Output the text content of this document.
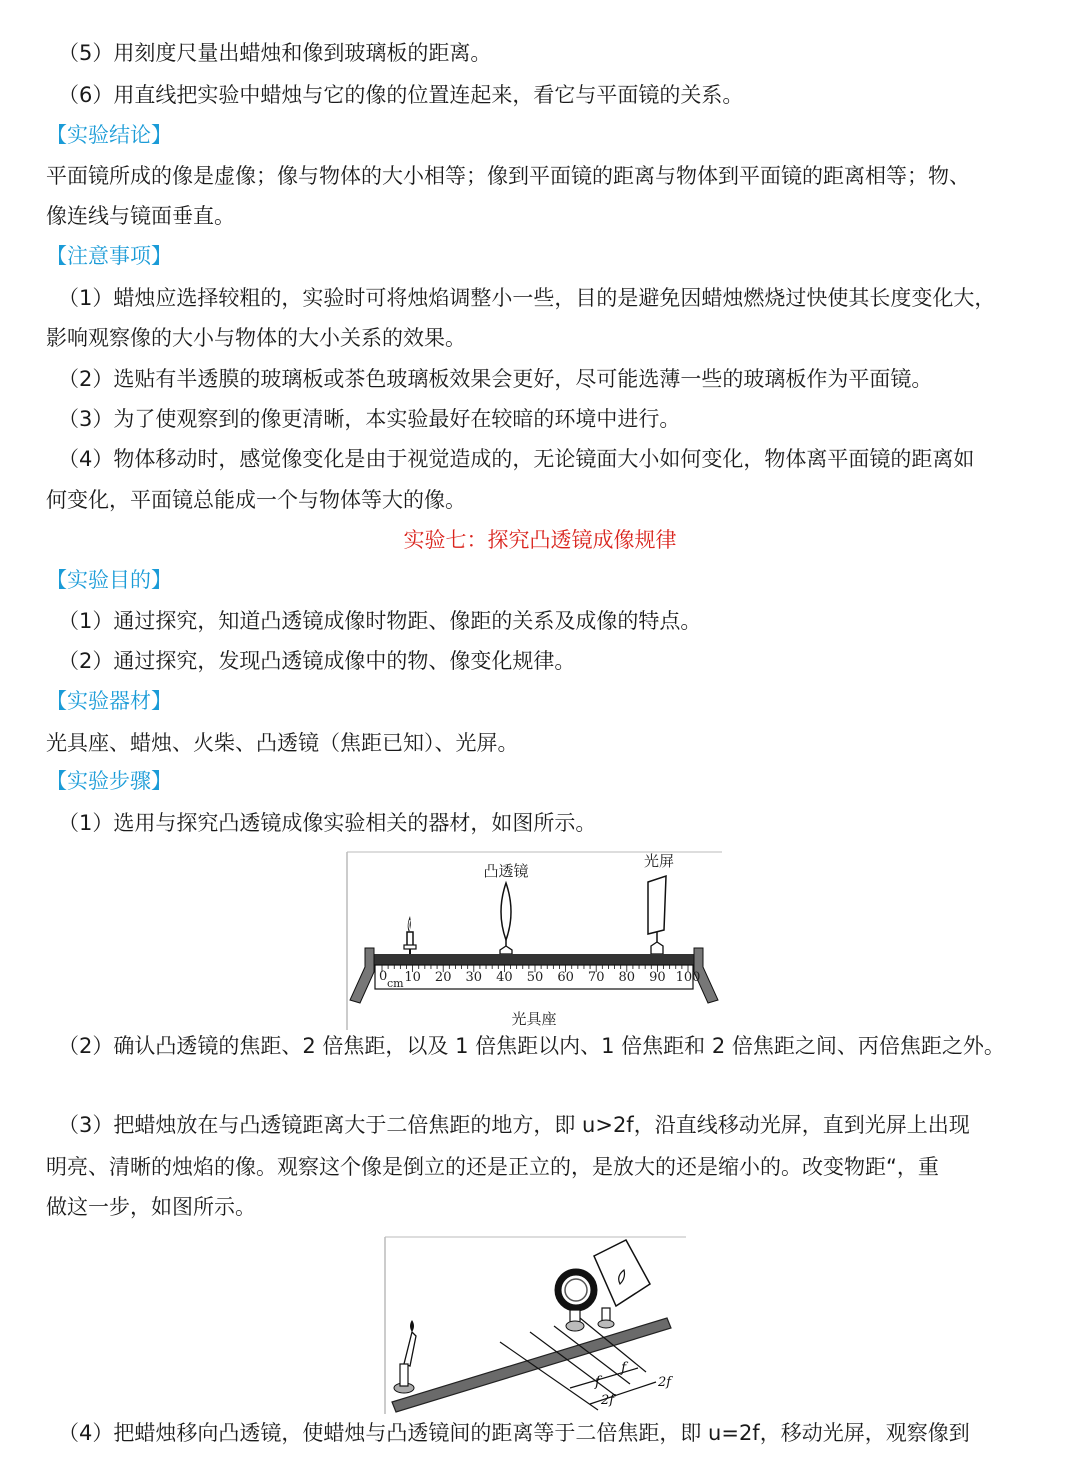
（5）用刻度尺量出蜡烛和像到玻璃板的距离。
（6）用直线把实验中蜡烛与它的像的位置连起来，看它与平面镜的关系。
【实验结论】
平面镜所成的像是虚像；像与物体的大小相等；像到平面镜的距离与物体到平面镜的距离相等；物、
像连线与镜面垂直。
【注意事项】
（1）蜡烛应选择较粗的，实验时可将烛焰调整小一些，目的是避免因蜡烛燃烧过快使其长度变化大，
影响观察像的大小与物体的大小关系的效果。
（2）选贴有半透膜的玻璃板或茶色玻璃板效果会更好，尽可能选薄一些的玻璃板作为平面镜。
（3）为了使观察到的像更清晰，本实验最好在较暗的环境中进行。
（4）物体移动时，感觉像变化是由于视觉造成的，无论镜面大小如何变化，物体离平面镜的距离如
何变化，平面镜总能成一个与物体等大的像。
实验七：探究凸透镜成像规律
【实验目的】
（1）通过探究，知道凸透镜成像时物距、像距的关系及成像的特点。
（2）通过探究，发现凸透镜成像中的物、像变化规律。
【实验器材】
光具座、蜡烛、火柴、凸透镜（焦距已知）、光屏。
【实验步骤】
（1）选用与探究凸透镜成像实验相关的器材，如图所示。
凸透镜
光屏
0 cm 10 20 30 40 50 60 70 80 90 100
光具座
（2）确认凸透镜的焦距、2 倍焦距，以及 1 倍焦距以内、1 倍焦距和 2 倍焦距之间、丙倍焦距之外。
（3）把蜡烛放在与凸透镜距离大于二倍焦距的地方，即 u>2f，沿直线移动光屏，直到光屏上出现
明亮、清晰的烛焰的像。观察这个像是倒立的还是正立的，是放大的还是缩小的。改变物距“，重
做这一步，如图所示。
f
f
2f
2f
（4）把蜡烛移向凸透镜，使蜡烛与凸透镜间的距离等于二倍焦距，即 u=2f，移动光屏，观察像到
